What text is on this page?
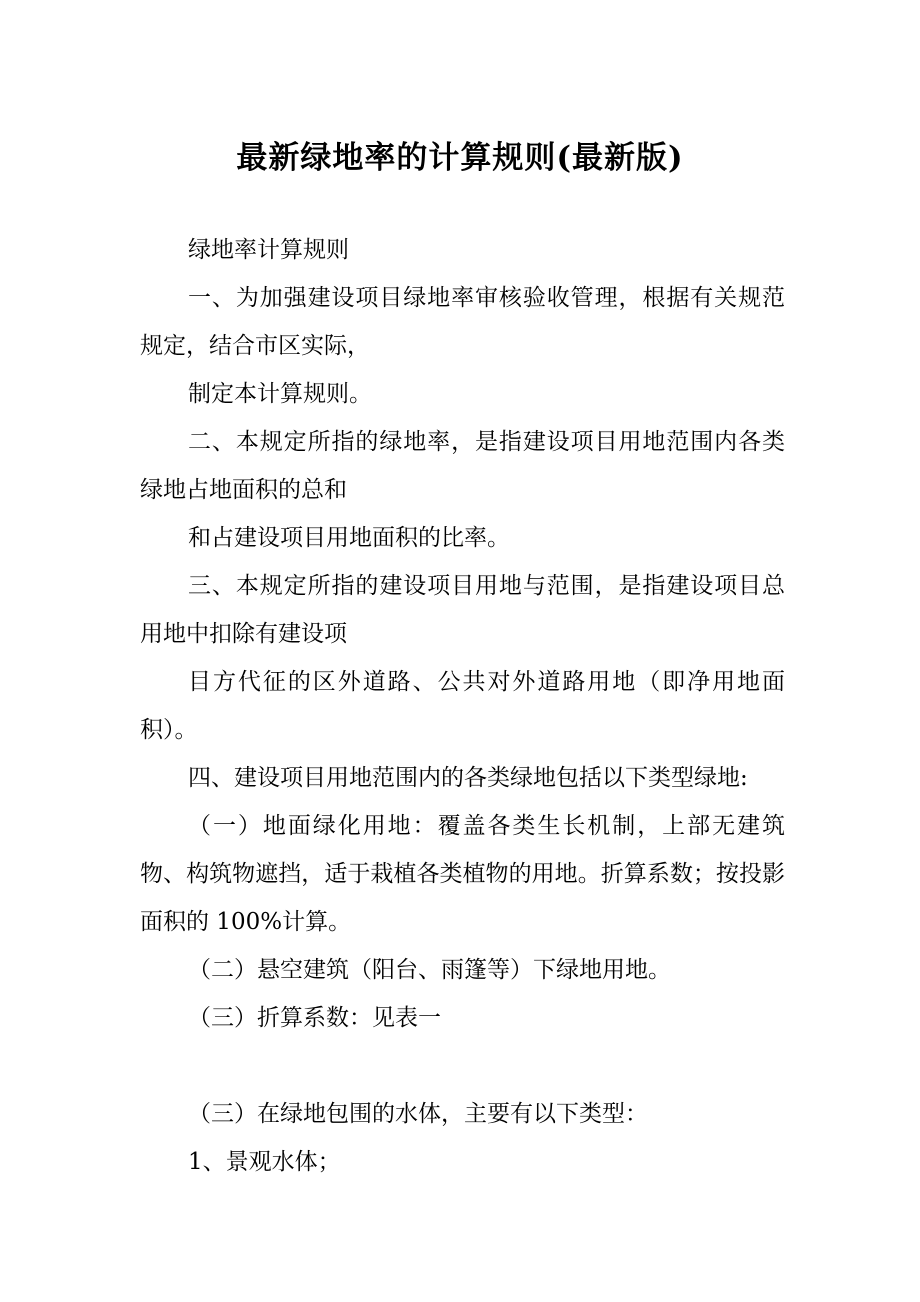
最新绿地率的计算规则(最新版)

绿地率计算规则

一、为加强建设项目绿地率审核验收管理，根据有关规范规定，结合市区实际，

制定本计算规则。

二、本规定所指的绿地率，是指建设项目用地范围内各类绿地占地面积的总和

和占建设项目用地面积的比率。

三、本规定所指的建设项目用地与范围，是指建设项目总用地中扣除有建设项

目方代征的区外道路、公共对外道路用地（即净用地面积）。

四、建设项目用地范围内的各类绿地包括以下类型绿地:

（一）地面绿化用地：覆盖各类生长机制，上部无建筑物、构筑物遮挡，适于栽植各类植物的用地。折算系数；按投影面积的 100%计算。

（二）悬空建筑（阳台、雨篷等）下绿地用地。

（三）折算系数：见表一

（三）在绿地包围的水体，主要有以下类型：

1、景观水体；
